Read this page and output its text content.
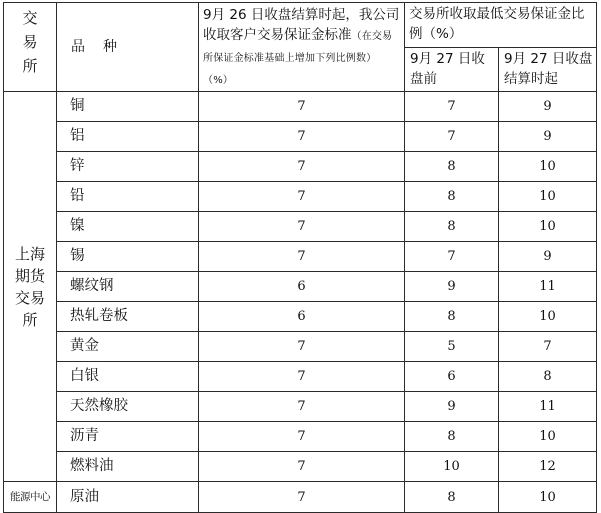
交
易
所	品 种	9月 26 日收盘结算时起，我公司收取客户交易保证金标准（在交易所保证金标准基础上增加下列比例数）（%）	交易所收取最低交易保证金比例（%）	
			9月 27 日收盘前	9月 27 日收盘结算时起
上海
期货
交易
所	铜	7	7	9
	铝	7	7	9
	锌	7	8	10
	铅	7	8	10
	镍	7	8	10
	锡	7	7	9
	螺纹钢	6	9	11
	热轧卷板	6	8	10
	黄金	7	5	7
	白银	7	6	8
	天然橡胶	7	9	11
	沥青	7	8	10
	燃料油	7	10	12
能源中心	原油	7	8	10
